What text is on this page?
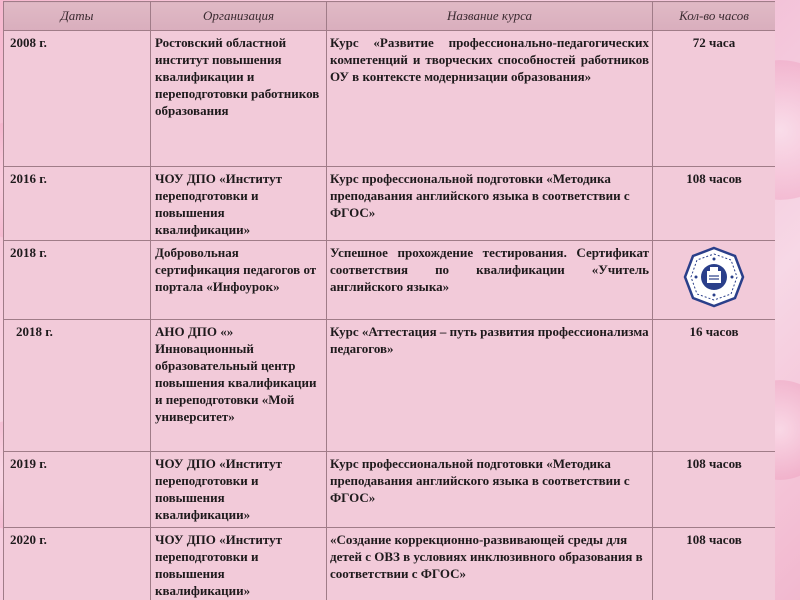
Даты	Организация	Название курса	Кол-во часов
2008 г.	Ростовский областной институт повышения квалификации и переподготовки работников образования	Курс «Развитие профессионально-педагогических компетенций и творческих способностей работников ОУ в контексте модернизации образования»	72 часа
2016 г.	ЧОУ ДПО «Институт переподготовки и повышения квалификации»	Курс профессиональной подготовки «Методика преподавания английского языка в соответствии с ФГОС»	108 часов
2018 г.	Добровольная сертификация педагогов от портала «Инфоурок»	Успешное прохождение тестирования. Сертификат соответствия по квалификации «Учитель английского языка»	
2018 г.	АНО ДПО «» Инновационный образовательный центр повышения квалификации и переподготовки «Мой университет»	Курс «Аттестация – путь развития профессионализма педагогов»	16 часов
2019 г.	ЧОУ ДПО «Институт переподготовки и повышения квалификации»	Курс профессиональной подготовки «Методика преподавания английского языка в соответствии с ФГОС»	108 часов
2020 г.	ЧОУ ДПО «Институт переподготовки и повышения квалификации»	«Создание коррекционно-развивающей среды для детей с ОВЗ в условиях инклюзивного образования в соответствии с ФГОС»	108 часов
